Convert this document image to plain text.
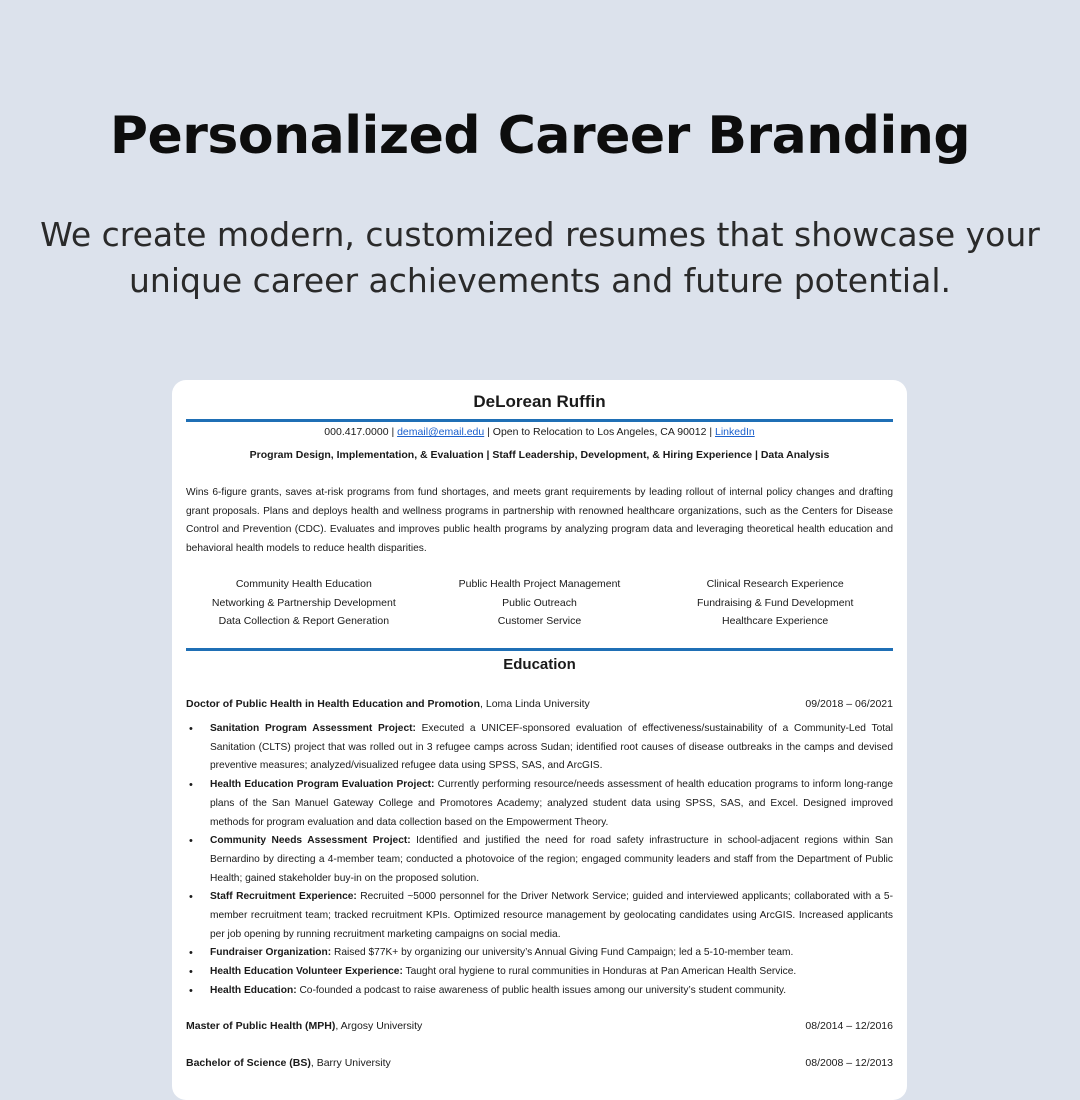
Personalized Career Branding
We create modern, customized resumes that showcase your unique career achievements and future potential.
DeLorean Ruffin
000.417.0000 | demail@email.edu | Open to Relocation to Los Angeles, CA 90012 | LinkedIn
Program Design, Implementation, & Evaluation | Staff Leadership, Development, & Hiring Experience | Data Analysis
Wins 6-figure grants, saves at-risk programs from fund shortages, and meets grant requirements by leading rollout of internal policy changes and drafting grant proposals. Plans and deploys health and wellness programs in partnership with renowned healthcare organizations, such as the Centers for Disease Control and Prevention (CDC). Evaluates and improves public health programs by analyzing program data and leveraging theoretical health education and behavioral health models to reduce health disparities.
Community Health Education	Public Health Project Management	Clinical Research Experience
Networking & Partnership Development	Public Outreach	Fundraising & Fund Development
Data Collection & Report Generation	Customer Service	Healthcare Experience
Education
Doctor of Public Health in Health Education and Promotion, Loma Linda University	09/2018 – 06/2021
• Sanitation Program Assessment Project: Executed a UNICEF-sponsored evaluation of effectiveness/sustainability of a Community-Led Total Sanitation (CLTS) project that was rolled out in 3 refugee camps across Sudan; identified root causes of disease outbreaks in the camps and devised preventive measures; analyzed/visualized refugee data using SPSS, SAS, and ArcGIS.
• Health Education Program Evaluation Project: Currently performing resource/needs assessment of health education programs to inform long-range plans of the San Manuel Gateway College and Promotores Academy; analyzed student data using SPSS, SAS, and Excel. Designed improved methods for program evaluation and data collection based on the Empowerment Theory.
• Community Needs Assessment Project: Identified and justified the need for road safety infrastructure in school-adjacent regions within San Bernardino by directing a 4-member team; conducted a photovoice of the region; engaged community leaders and staff from the Department of Public Health; gained stakeholder buy-in on the proposed solution.
• Staff Recruitment Experience: Recruited ~5000 personnel for the Driver Network Service; guided and interviewed applicants; collaborated with a 5-member recruitment team; tracked recruitment KPIs. Optimized resource management by geolocating candidates using ArcGIS. Increased applicants per job opening by running recruitment marketing campaigns on social media.
• Fundraiser Organization: Raised $77K+ by organizing our university’s Annual Giving Fund Campaign; led a 5-10-member team.
• Health Education Volunteer Experience: Taught oral hygiene to rural communities in Honduras at Pan American Health Service.
• Health Education: Co-founded a podcast to raise awareness of public health issues among our university’s student community.
Master of Public Health (MPH), Argosy University	08/2014 – 12/2016
Bachelor of Science (BS), Barry University	08/2008 – 12/2013
